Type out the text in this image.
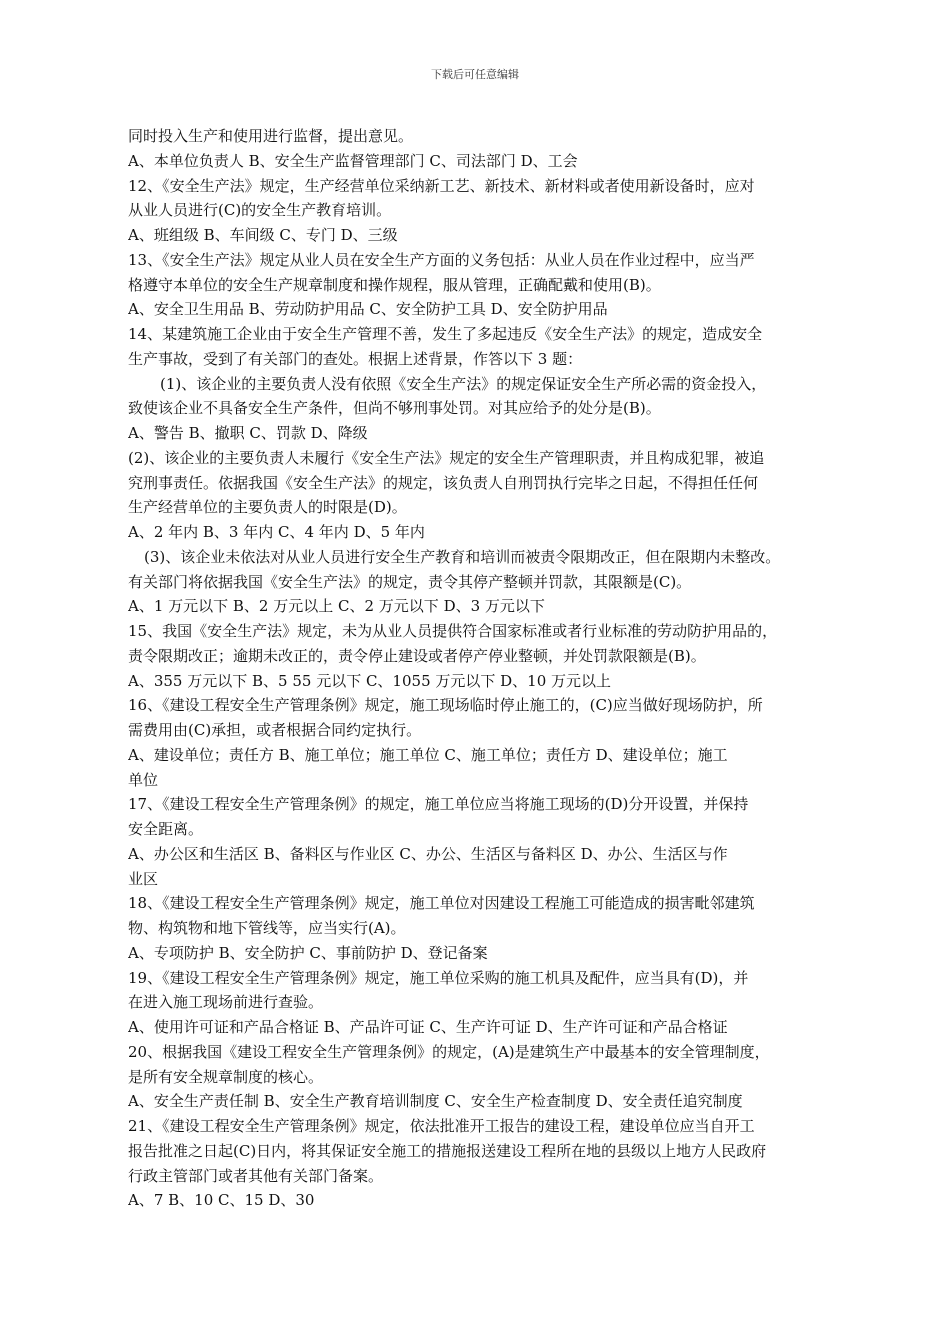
下载后可任意编辑
同时投入生产和使用进行监督，提出意见。
A、本单位负责人 B、安全生产监督管理部门 C、司法部门 D、工会
12、《安全生产法》规定，生产经营单位采纳新工艺、新技术、新材料或者使用新设备时，应对
从业人员进行(C)的安全生产教育培训。
A、班组级 B、车间级 C、专门 D、三级
13、《安全生产法》规定从业人员在安全生产方面的义务包括：从业人员在作业过程中，应当严
格遵守本单位的安全生产规章制度和操作规程，服从管理，正确配戴和使用(B)。
A、安全卫生用品 B、劳动防护用品 C、安全防护工具 D、安全防护用品
14、某建筑施工企业由于安全生产管理不善，发生了多起违反《安全生产法》的规定，造成安全
生产事故，受到了有关部门的查处。根据上述背景，作答以下 3 题：
(1)、该企业的主要负责人没有依照《安全生产法》的规定保证安全生产所必需的资金投入，
致使该企业不具备安全生产条件，但尚不够刑事处罚。对其应给予的处分是(B)。
A、警告 B、撤职 C、罚款 D、降级
(2)、该企业的主要负责人未履行《安全生产法》规定的安全生产管理职责，并且构成犯罪，被追
究刑事责任。依据我国《安全生产法》的规定，该负责人自刑罚执行完毕之日起，不得担任任何
生产经营单位的主要负责人的时限是(D)。
A、2 年内 B、3 年内 C、4 年内 D、5 年内
(3)、该企业未依法对从业人员进行安全生产教育和培训而被责令限期改正，但在限期内未整改。
有关部门将依据我国《安全生产法》的规定，责令其停产整顿并罚款，其限额是(C)。
A、1 万元以下 B、2 万元以上 C、2 万元以下 D、3 万元以下
15、我国《安全生产法》规定，未为从业人员提供符合国家标准或者行业标准的劳动防护用品的，
责令限期改正；逾期未改正的，责令停止建设或者停产停业整顿，并处罚款限额是(B)。
A、355 万元以下 B、5 55 元以下 C、1055 万元以下 D、10 万元以上
16、《建设工程安全生产管理条例》规定，施工现场临时停止施工的，(C)应当做好现场防护，所
需费用由(C)承担，或者根据合同约定执行。
A、建设单位；责任方 B、施工单位；施工单位 C、施工单位；责任方 D、建设单位；施工
单位
17、《建设工程安全生产管理条例》的规定，施工单位应当将施工现场的(D)分开设置，并保持
安全距离。
A、办公区和生活区 B、备料区与作业区 C、办公、生活区与备料区 D、办公、生活区与作
业区
18、《建设工程安全生产管理条例》规定，施工单位对因建设工程施工可能造成的损害毗邻建筑
物、构筑物和地下管线等，应当实行(A)。
A、专项防护 B、安全防护 C、事前防护 D、登记备案
19、《建设工程安全生产管理条例》规定，施工单位采购的施工机具及配件，应当具有(D)，并
在进入施工现场前进行查验。
A、使用许可证和产品合格证 B、产品许可证 C、生产许可证 D、生产许可证和产品合格证
20、根据我国《建设工程安全生产管理条例》的规定，(A)是建筑生产中最基本的安全管理制度，
是所有安全规章制度的核心。
A、安全生产责任制 B、安全生产教育培训制度 C、安全生产检查制度 D、安全责任追究制度
21、《建设工程安全生产管理条例》规定，依法批准开工报告的建设工程，建设单位应当自开工
报告批准之日起(C)日内，将其保证安全施工的措施报送建设工程所在地的县级以上地方人民政府
行政主管部门或者其他有关部门备案。
A、7 B、10 C、15 D、30
